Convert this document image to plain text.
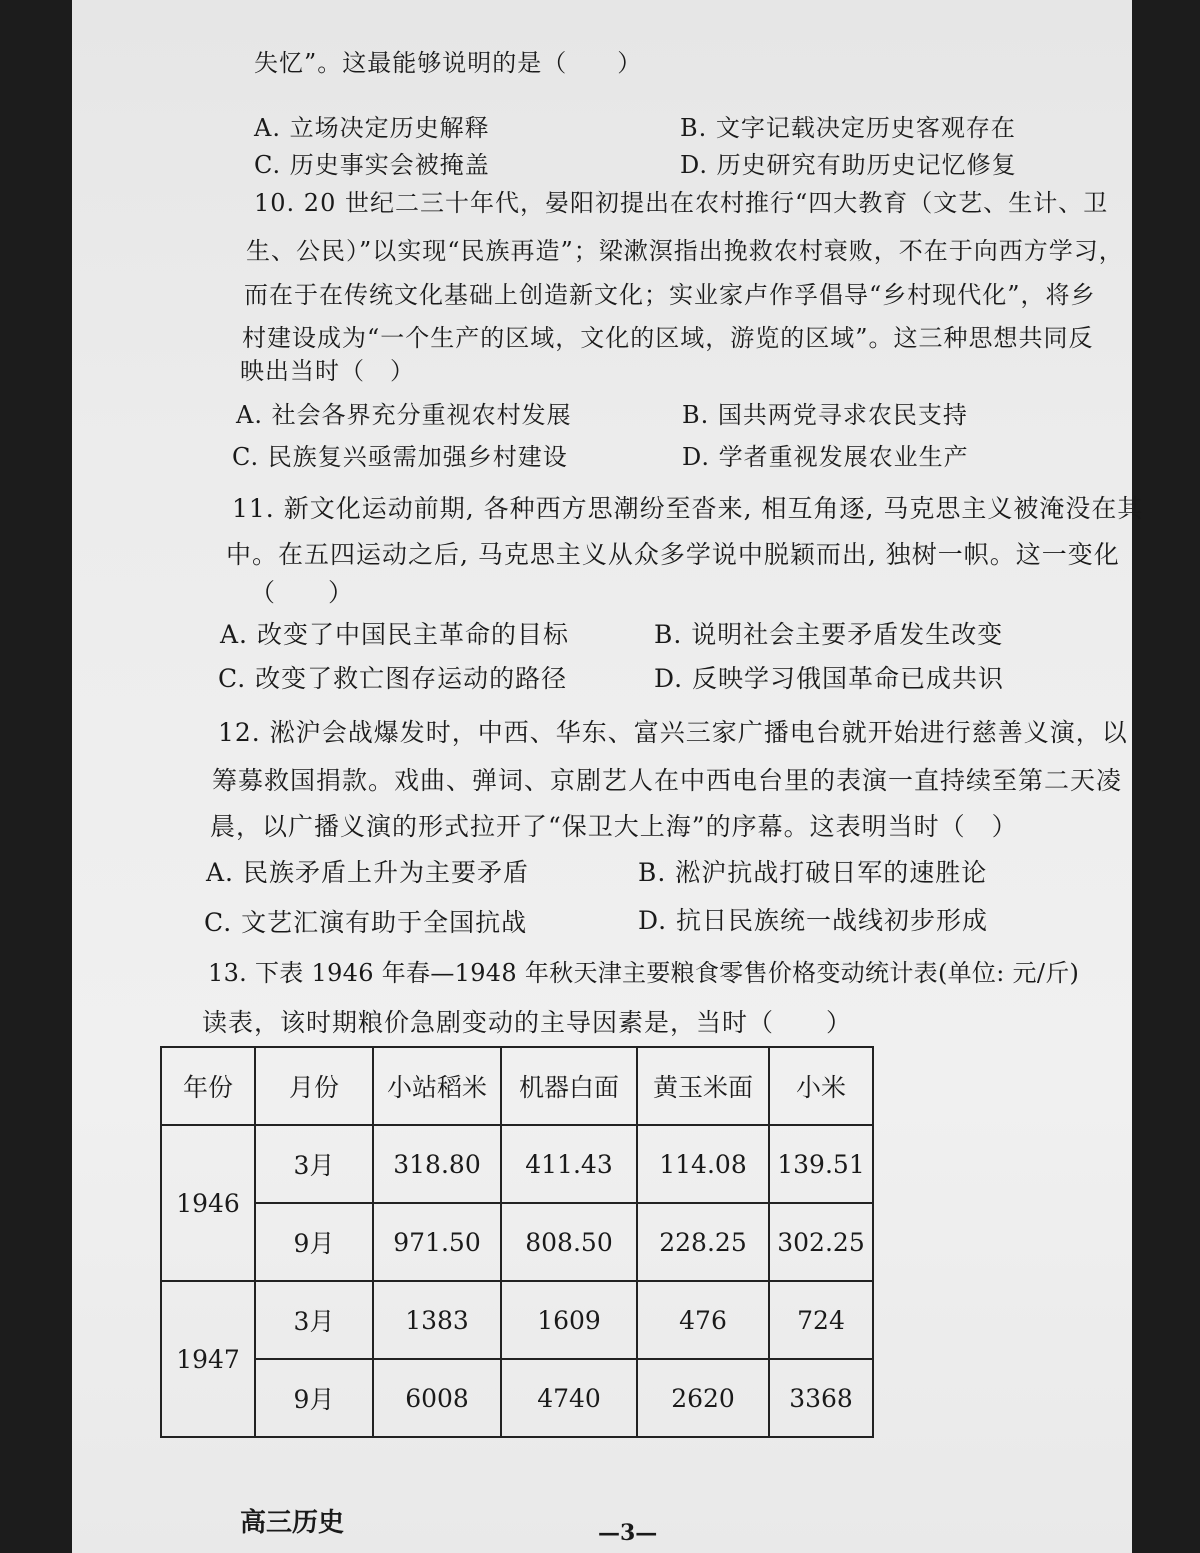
失忆”。这最能够说明的是（　　）
A. 立场决定历史解释	B. 文字记载决定历史客观存在
C. 历史事实会被掩盖	D. 历史研究有助历史记忆修复
10. 20 世纪二三十年代，晏阳初提出在农村推行“四大教育（文艺、生计、卫
生、公民）”以实现“民族再造”；梁漱溟指出挽救农村衰败，不在于向西方学习，
而在于在传统文化基础上创造新文化；实业家卢作孚倡导“乡村现代化”，将乡
村建设成为“一个生产的区域，文化的区域，游览的区域”。这三种思想共同反
映出当时（　）
A. 社会各界充分重视农村发展	B. 国共两党寻求农民支持
C. 民族复兴亟需加强乡村建设	D. 学者重视发展农业生产
11. 新文化运动前期, 各种西方思潮纷至沓来, 相互角逐, 马克思主义被淹没在其
中。在五四运动之后, 马克思主义从众多学说中脱颖而出, 独树一帜。这一变化
（　　）
A. 改变了中国民主革命的目标	B. 说明社会主要矛盾发生改变
C. 改变了救亡图存运动的路径	D. 反映学习俄国革命已成共识
12. 淞沪会战爆发时，中西、华东、富兴三家广播电台就开始进行慈善义演，以
筹募救国捐款。戏曲、弹词、京剧艺人在中西电台里的表演一直持续至第二天凌
晨，以广播义演的形式拉开了“保卫大上海”的序幕。这表明当时（　）
A. 民族矛盾上升为主要矛盾	B. 淞沪抗战打破日军的速胜论
C. 文艺汇演有助于全国抗战	D. 抗日民族统一战线初步形成
13. 下表 1946 年春—1948 年秋天津主要粮食零售价格变动统计表(单位: 元/斤)
读表，该时期粮价急剧变动的主导因素是，当时（　　）
年份	月份	小站稻米	机器白面	黄玉米面	小米
1946	3月	318.80	411.43	114.08	139.51
	9月	971.50	808.50	228.25	302.25
1947	3月	1383	1609	476	724
	9月	6008	4740	2620	3368
高三历史	—3—
